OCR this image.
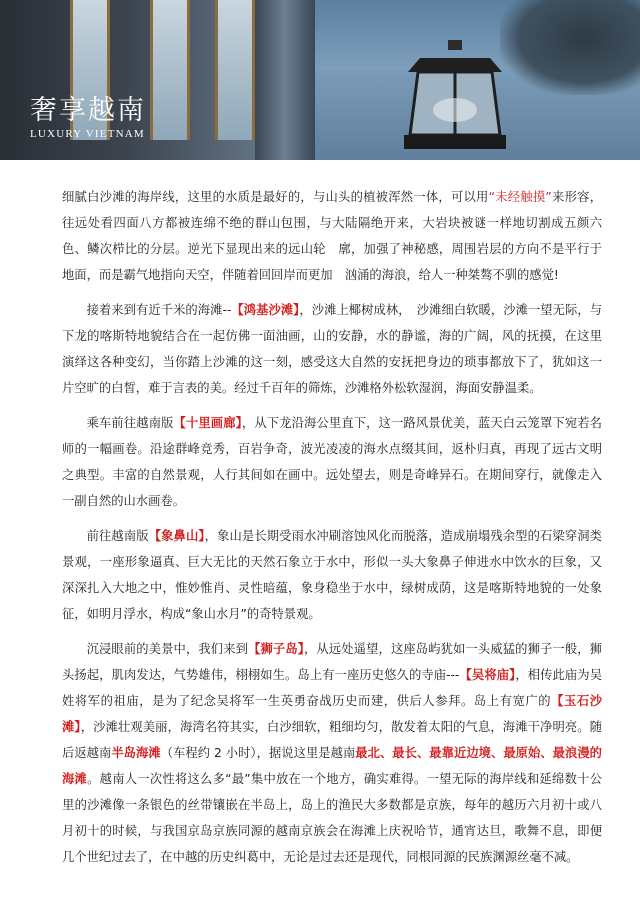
奢享越南
LUXURY VIETNAM

细腻白沙滩的海岸线，这里的水质是最好的，与山头的植被浑然一体，可以用“未经触摸”来形容，往远处看四面八方都被连绵不绝的群山包围，与大陆隔绝开来，大岩块被谜一样地切割成五颜六色、鳞次栉比的分层。逆光下显现出来的远山轮　廓，加强了神秘感，周围岩层的方向不是平行于地面，而是霸气地指向天空，伴随着回回岸而更加　汹涌的海浪，给人一种桀骜不驯的感觉!

接着来到有近千米的海滩--【鸿基沙滩】，沙滩上椰树成林，　沙滩细白软暖，沙滩一望无际，与下龙的喀斯特地貌结合在一起仿佛一面油画，山的安静，水的静谧，海的广阔，风的抚摸，在这里演绎这各种变幻，当你踏上沙滩的这一刻，感受这大自然的安抚把身边的琐事都放下了，犹如这一片空旷的白皙，难于言表的美。经过千百年的筛炼，沙滩格外松软湿润，海面安静温柔。

乘车前往越南版【十里画廊】，从下龙沿海公里直下，这一路风景优美，蓝天白云笼罩下宛若名师的一幅画卷。沿途群峰竞秀，百岩争奇，波光凌凌的海水点缀其间，返朴归真，再现了远古文明之典型。丰富的自然景观，人行其间如在画中。远处望去，则是奇峰异石。在期间穿行，就像走入一副自然的山水画卷。

前往越南版【象鼻山】，象山是长期受雨水冲刷溶蚀风化而脱落，造成崩塌残余型的石梁穿洞类景观，一座形象逼真、巨大无比的天然石象立于水中，形似一头大象鼻子伸进水中饮水的巨象，又深深扎入大地之中，惟妙惟肖、灵性暗蕴，象身稳坐于水中，绿树成荫，这是喀斯特地貌的一处象征，如明月浮水，构成“象山水月”的奇特景观。

沉浸眼前的美景中，我们来到【狮子岛】，从远处遥望，这座岛屿犹如一头威猛的狮子一般，狮头扬起，肌肉发达，气势雄伟，栩栩如生。岛上有一座历史悠久的寺庙---【吴将庙】，相传此庙为吴姓将军的祖庙，是为了纪念吴将军一生英勇奋战历史而建，供后人参拜。岛上有宽广的【玉石沙滩】，沙滩壮观美丽，海湾名符其实，白沙细软，粗细均匀，散发着太阳的气息，海滩干净明亮。随后返越南半岛海滩（车程约 2 小时），据说这里是越南最北、最长、最靠近边境、最原始、最浪漫的海滩。越南人一次性将这么多“最”集中放在一个地方，确实难得。一望无际的海岸线和延绵数十公里的沙滩像一条银色的丝带镶嵌在半岛上，岛上的渔民大多数都是京族，每年的越历六月初十或八月初十的时候，与我国京岛京族同源的越南京族会在海滩上庆祝哈节，通宵达旦，歌舞不息，即便几个世纪过去了，在中越的历史纠葛中，无论是过去还是现代，同根同源的民族渊源丝毫不减。
